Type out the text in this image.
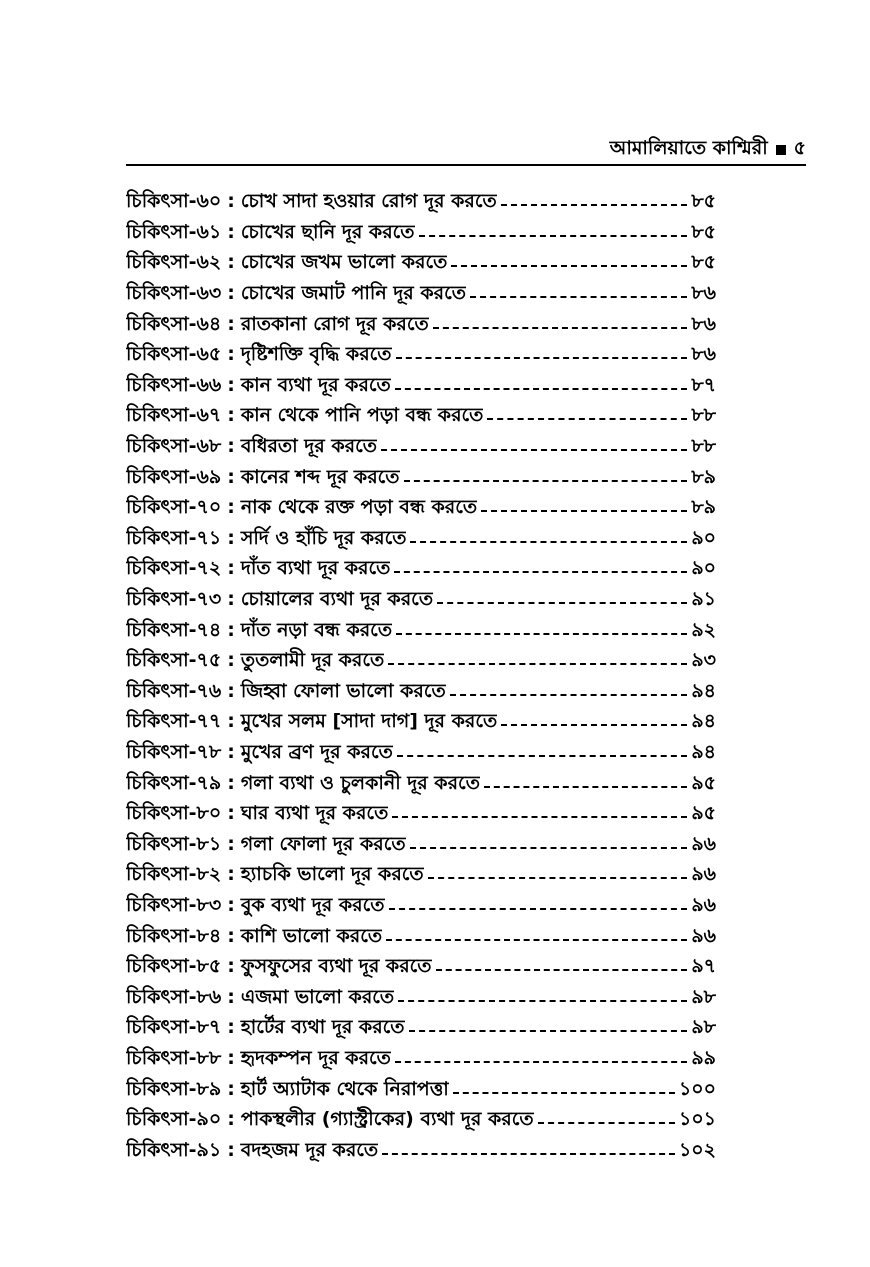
আমালিয়াতে কাশ্মিরী ৫
চিকিৎসা-৬০ : চোখ সাদা হওয়ার রোগ দূর করতে	৮৫
চিকিৎসা-৬১ : চোখের ছানি দূর করতে	৮৫
চিকিৎসা-৬২ : চোখের জখম ভালো করতে	৮৫
চিকিৎসা-৬৩ : চোখের জমাট পানি দূর করতে	৮৬
চিকিৎসা-৬৪ : রাতকানা রোগ দূর করতে	৮৬
চিকিৎসা-৬৫ : দৃষ্টিশক্তি বৃদ্ধি করতে	৮৬
চিকিৎসা-৬৬ : কান ব্যথা দূর করতে	৮৭
চিকিৎসা-৬৭ : কান থেকে পানি পড়া বন্ধ করতে	৮৮
চিকিৎসা-৬৮ : বধিরতা দূর করতে	৮৮
চিকিৎসা-৬৯ : কানের শব্দ দূর করতে	৮৯
চিকিৎসা-৭০ : নাক থেকে রক্ত পড়া বন্ধ করতে	৮৯
চিকিৎসা-৭১ : সর্দি ও হাঁচি দূর করতে	৯০
চিকিৎসা-৭২ : দাঁত ব্যথা দূর করতে	৯০
চিকিৎসা-৭৩ : চোয়ালের ব্যথা দূর করতে	৯১
চিকিৎসা-৭৪ : দাঁত নড়া বন্ধ করতে	৯২
চিকিৎসা-৭৫ : তুতলামী দূর করতে	৯৩
চিকিৎসা-৭৬ : জিহ্বা ফোলা ভালো করতে	৯৪
চিকিৎসা-৭৭ : মুখের সলম [সাদা দাগ] দূর করতে	৯৪
চিকিৎসা-৭৮ : মুখের ব্রণ দূর করতে	৯৪
চিকিৎসা-৭৯ : গলা ব্যথা ও চুলকানী দূর করতে	৯৫
চিকিৎসা-৮০ : ঘার ব্যথা দূর করতে	৯৫
চিকিৎসা-৮১ : গলা ফোলা দূর করতে	৯৬
চিকিৎসা-৮২ : হ্যাচকি ভালো দূর করতে	৯৬
চিকিৎসা-৮৩ : বুক ব্যথা দূর করতে	৯৬
চিকিৎসা-৮৪ : কাশি ভালো করতে	৯৬
চিকিৎসা-৮৫ : ফুসফুসের ব্যথা দূর করতে	৯৭
চিকিৎসা-৮৬ : এজমা ভালো করতে	৯৮
চিকিৎসা-৮৭ : হার্টের ব্যথা দূর করতে	৯৮
চিকিৎসা-৮৮ : হৃদকম্পন দূর করতে	৯৯
চিকিৎসা-৮৯ : হার্ট অ্যাটাক থেকে নিরাপত্তা	১০০
চিকিৎসা-৯০ : পাকস্থলীর (গ্যাস্ট্রীকের) ব্যথা দূর করতে	১০১
চিকিৎসা-৯১ : বদহজম দূর করতে	১০২
